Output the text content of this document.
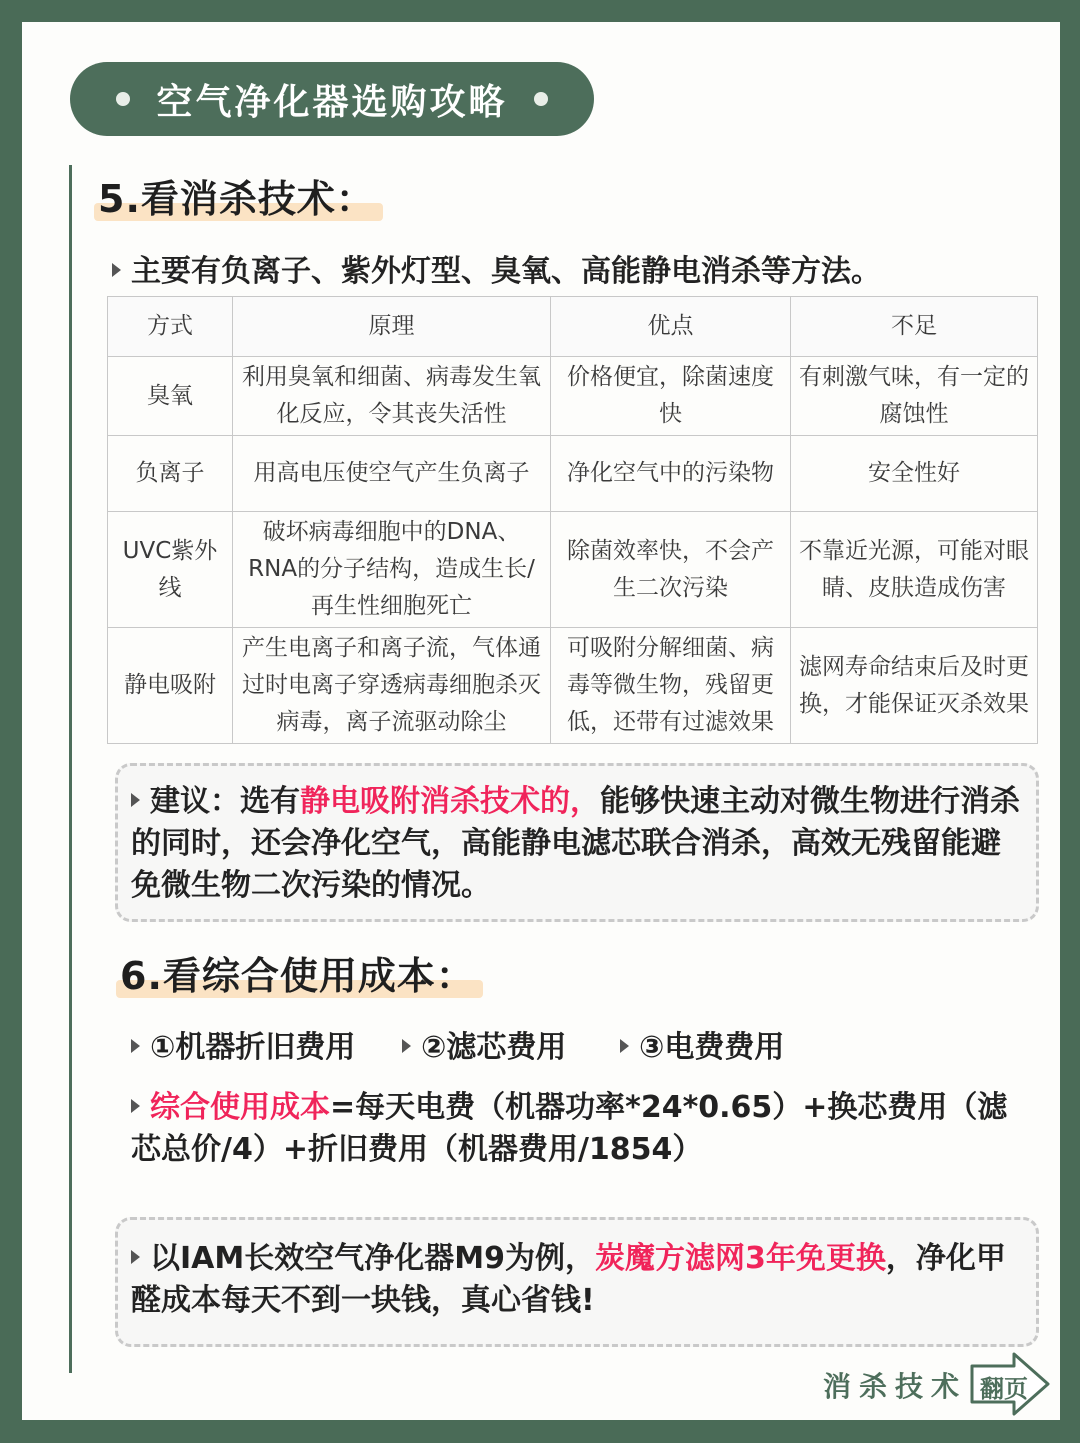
空气净化器选购攻略
5.看消杀技术：
主要有负离子、紫外灯型、臭氧、高能静电消杀等方法。
方式	原理	优点	不足
臭氧	利用臭氧和细菌、病毒发生氧化反应，令其丧失活性	价格便宜，除菌速度快	有刺激气味，有一定的腐蚀性
负离子	用高电压使空气产生负离子	净化空气中的污染物	安全性好
UVC紫外线	破坏病毒细胞中的DNA、RNA的分子结构，造成生长/再生性细胞死亡	除菌效率快，不会产生二次污染	不靠近光源，可能对眼睛、皮肤造成伤害
静电吸附	产生电离子和离子流，气体通过时电离子穿透病毒细胞杀灭病毒，离子流驱动除尘	可吸附分解细菌、病毒等微生物，残留更低，还带有过滤效果	滤网寿命结束后及时更换，才能保证灭杀效果
建议：选有静电吸附消杀技术的，能够快速主动对微生物进行消杀的同时，还会净化空气，高能静电滤芯联合消杀，高效无残留能避免微生物二次污染的情况。
6.看综合使用成本：
①机器折旧费用	②滤芯费用	③电费费用
综合使用成本=每天电费（机器功率*24*0.65）+换芯费用（滤芯总价/4）+折旧费用（机器费用/1854）
以IAM长效空气净化器M9为例，炭魔方滤网3年免更换，净化甲醛成本每天不到一块钱，真心省钱!
消杀技术 翻页
